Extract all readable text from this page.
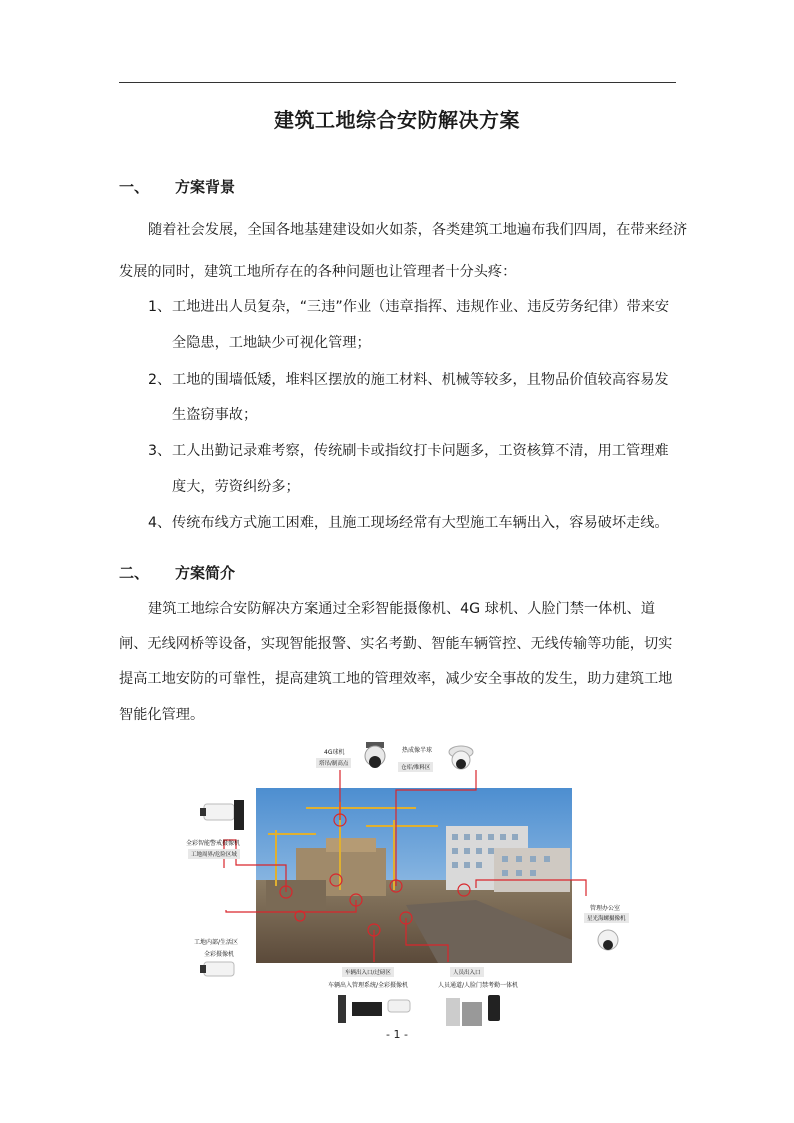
建筑工地综合安防解决方案
一、 方案背景
随着社会发展，全国各地基建建设如火如荼，各类建筑工地遍布我们四周，在带来经济
发展的同时，建筑工地所存在的各种问题也让管理者十分头疼：
1、 工地进出人员复杂，“三违”作业（违章指挥、违规作业、违反劳务纪律）带来安
全隐患，工地缺少可视化管理；
2、 工地的围墙低矮，堆料区摆放的施工材料、机械等较多，且物品价值较高容易发
生盗窃事故；
3、 工人出勤记录难考察，传统刷卡或指纹打卡问题多，工资核算不清，用工管理难
度大，劳资纠纷多；
4、 传统布线方式施工困难，且施工现场经常有大型施工车辆出入，容易破坏走线。
二、 方案简介
建筑工地综合安防解决方案通过全彩智能摄像机、4G 球机、人脸门禁一体机、道
闸、无线网桥等设备，实现智能报警、实名考勤、智能车辆管控、无线传输等功能，切实
提高工地安防的可靠性，提高建筑工地的管理效率，减少安全事故的发生，助力建筑工地
智能化管理。
4G球机
塔吊/制高点
热成像半球
仓库/堆料区
全彩智能警戒摄像机
工地周界/危险区域
管理办公室
星光海螺摄像机
工地内部/生活区
全彩摄像机
车辆出入口/过磅区
车辆出入管理系统/全彩摄像机
人员出入口
人员通道/人脸门禁考勤一体机
- 1 -
